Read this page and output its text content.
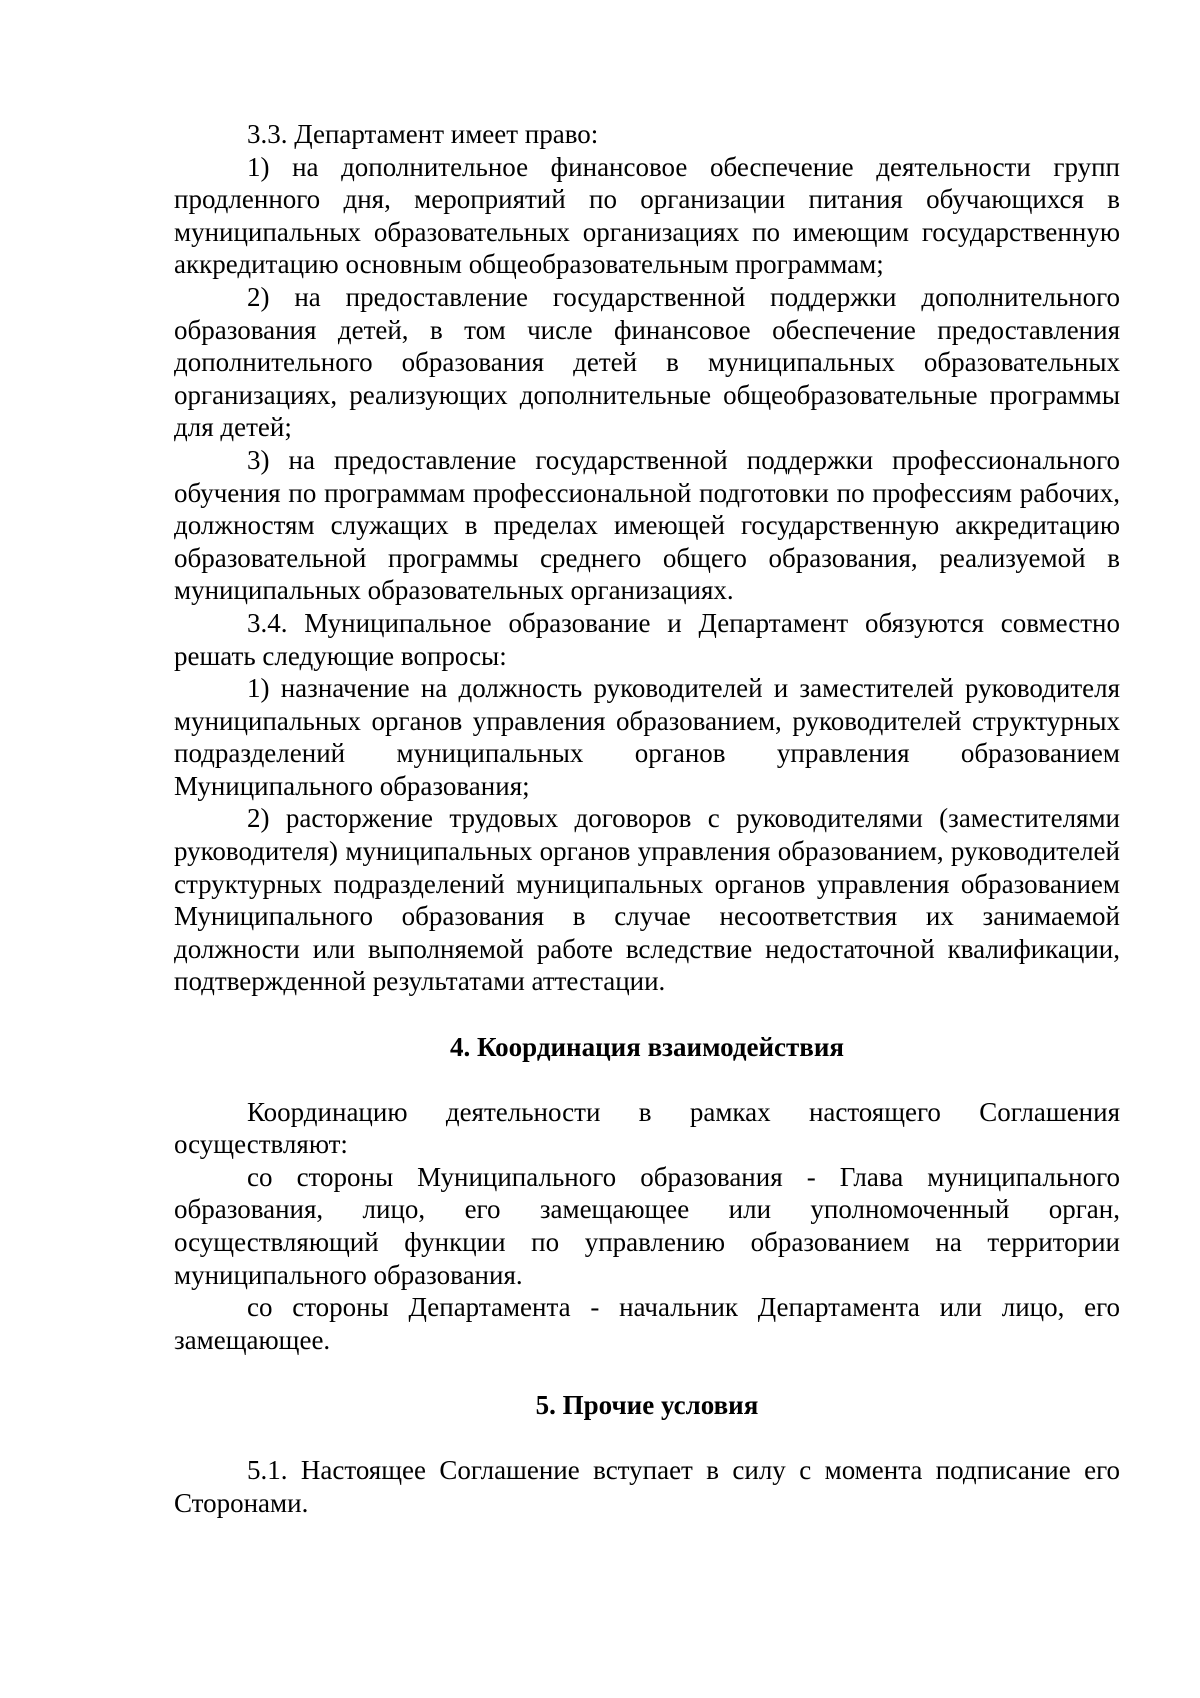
3.3. Департамент имеет право:

1) на дополнительное финансовое обеспечение деятельности групп продленного дня, мероприятий по организации питания обучающихся в муниципальных образовательных организациях по имеющим государственную аккредитацию основным общеобразовательным программам;

2) на предоставление государственной поддержки дополнительного образования детей, в том числе финансовое обеспечение предоставления дополнительного образования детей в муниципальных образовательных организациях, реализующих дополнительные общеобразовательные программы для детей;

3) на предоставление государственной поддержки профессионального обучения по программам профессиональной подготовки по профессиям рабочих, должностям служащих в пределах имеющей государственную аккредитацию образовательной программы среднего общего образования, реализуемой в муниципальных образовательных организациях.

3.4. Муниципальное образование и Департамент обязуются совместно решать следующие вопросы:

1) назначение на должность руководителей и заместителей руководителя муниципальных органов управления образованием, руководителей структурных подразделений муниципальных органов управления образованием Муниципального образования;

2) расторжение трудовых договоров с руководителями (заместителями руководителя) муниципальных органов управления образованием, руководителей структурных подразделений муниципальных органов управления образованием Муниципального образования в случае несоответствия их занимаемой должности или выполняемой работе вследствие недостаточной квалификации, подтвержденной результатами аттестации.

4. Координация взаимодействия

Координацию деятельности в рамках настоящего Соглашения осуществляют:

со стороны Муниципального образования - Глава муниципального образования, лицо, его замещающее или уполномоченный орган, осуществляющий функции по управлению образованием на территории муниципального образования.

со стороны Департамента - начальник Департамента или лицо, его замещающее.

5. Прочие условия

5.1. Настоящее Соглашение вступает в силу с момента подписание его Сторонами.
